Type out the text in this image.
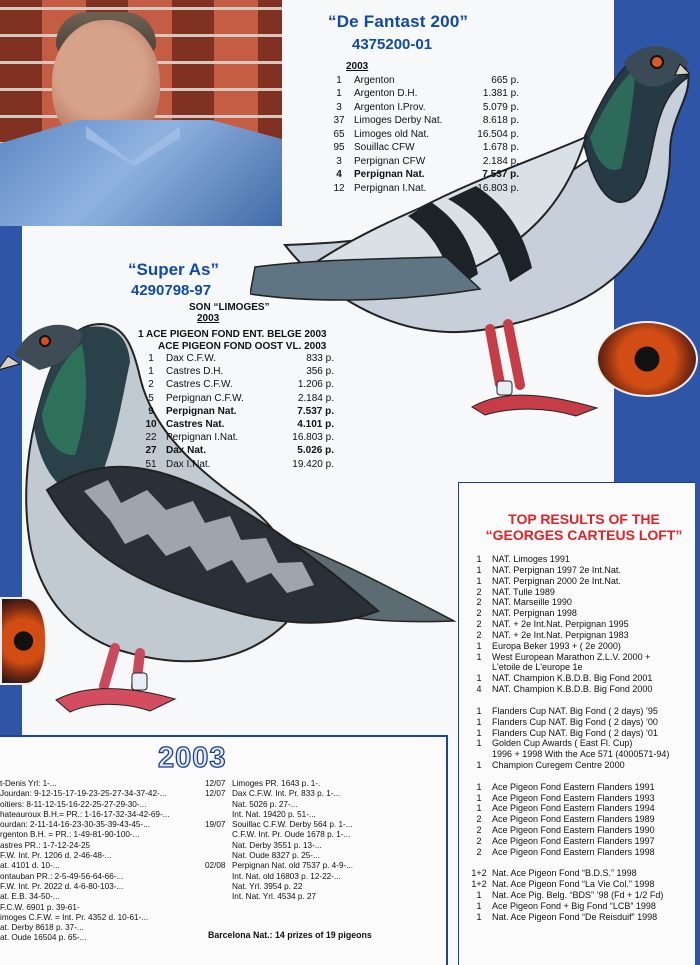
“De Fantast 200”
4375200-01
2003
1 Argenton	665 p.
1 Argenton D.H.	1.381 p.
3 Argenton I.Prov.	5.079 p.
37 Limoges Derby Nat.	8.618 p.
65 Limoges old Nat.	16.504 p.
95 Souillac CFW	1.678 p.
3 Perpignan CFW	2.184 p.
4 Perpignan Nat.	7.537 p.
12 Perpignan I.Nat.	16.803 p.
“Super As”
4290798-97
SON “LIMOGES”
2003
1 ACE PIGEON FOND ENT. BELGE 2003
ACE PIGEON FOND OOST VL. 2003
1 Dax C.F.W.	833 p.
1 Castres D.H.	356 p.
2 Castres C.F.W.	1.206 p.
5 Perpignan C.F.W.	2.184 p.
9 Perpignan Nat.	7.537 p.
10 Castres Nat.	4.101 p.
22 Perpignan I.Nat.	16.803 p.
27 Dax Nat.	5.026 p.
51 Dax I.Nat.	19.420 p.
TOP RESULTS OF THE “GEORGES CARTEUS LOFT”
1 NAT. Limoges 1991
1 NAT. Perpignan 1997 2e Int.Nat.
1 NAT. Perpignan 2000 2e Int.Nat.
2 NAT. Tulle 1989
2 NAT. Marseille 1990
2 NAT. Perpignan 1998
2 NAT. + 2e Int.Nat. Perpignan 1995
2 NAT. + 2e Int.Nat. Perpignan 1983
1 Europa Beker 1993 + ( 2e 2000)
1 West European Marathon Z.L.V. 2000 +
L'etoile de L'europe 1e
1 NAT. Champion K.B.D.B. Big Fond 2001
4 NAT. Champion K.B.D.B. Big Fond 2000
1 Flanders Cup NAT. Big Fond ( 2 days) ’95
1 Flanders Cup NAT. Big Fond ( 2 days) ’00
1 Flanders Cup NAT. Big Fond ( 2 days) ’01
1 Golden Cup Awards ( East Fl. Cup)
1996 + 1998 With the Ace 571 (4000571-94)
1 Champion Curegem Centre 2000
1 Ace Pigeon Fond Eastern Flanders 1991
1 Ace Pigeon Fond Eastern Flanders 1993
1 Ace Pigeon Fond Eastern Flanders 1994
2 Ace Pigeon Fond Eastern Flanders 1989
2 Ace Pigeon Fond Eastern Flanders 1990
2 Ace Pigeon Fond Eastern Flanders 1997
2 Ace Pigeon Fond Eastern Flanders 1998
1+2 Nat. Ace Pigeon Fond “B.D.S.” 1998
1+2 Nat. Ace Pigeon Fond “La Vie Col.” 1998
1 Nat. Ace Pig. Belg. “BDS” ’98 (Fd + 1/2 Fd)
1 Ace Pigeon Fond + Big Fond “LCB” 1998
1 Nat. Ace Pigeon Fond “De Reisduif” 1998
2003
t-Denis Yrl: 1-...
Jourdan: 9-12-15-17-19-23-25-27-34-37-42-...
oitiers: 8-11-12-15-16-22-25-27-29-30-...
hateauroux B.H.= PR.: 1-16-17-32-34-42-69-...
ourdan: 2-11-14-16-23-30-35-39-43-45-...
rgenton B.H. = PR.: 1-49-81-90-100-...
astres PR.: 1-7-12-24-25
F.W. Int. Pr. 1206 d. 2-46-48-...
at. 4101 d. 10-...
ontauban PR.: 2-5-49-56-64-66-...
F.W. Int. Pr. 2022 d. 4-6-80-103-...
at. E.B. 34-50-...
F.C.W. 6901 p. 39-61-
imoges C.F.W. = Int. Pr. 4352 d. 10-61-...
at. Derby 8618 p. 37-...
at. Oude 16504 p. 65-...
12/07 Limoges PR. 1643 p. 1-.
12/07 Dax C.F.W. Int. Pr. 833 p. 1-...
Nat. 5026 p. 27-...
Int. Nat. 19420 p. 51-...
19/07 Souillac C.F.W. Derby 564 p. 1-...
C.F.W. Int. Pr. Oude 1678 p. 1-...
Nat. Derby 3551 p. 13-...
Nat. Oude 8327 p. 25-...
02/08 Perpignan Nat. old 7537 p. 4-9-...
Int. Nat. old 16803 p. 12-22-...
Nat. Yrl. 3954 p. 22
Int. Nat. Yrl. 4534 p. 27
Barcelona Nat.: 14 prizes of 19 pigeons
